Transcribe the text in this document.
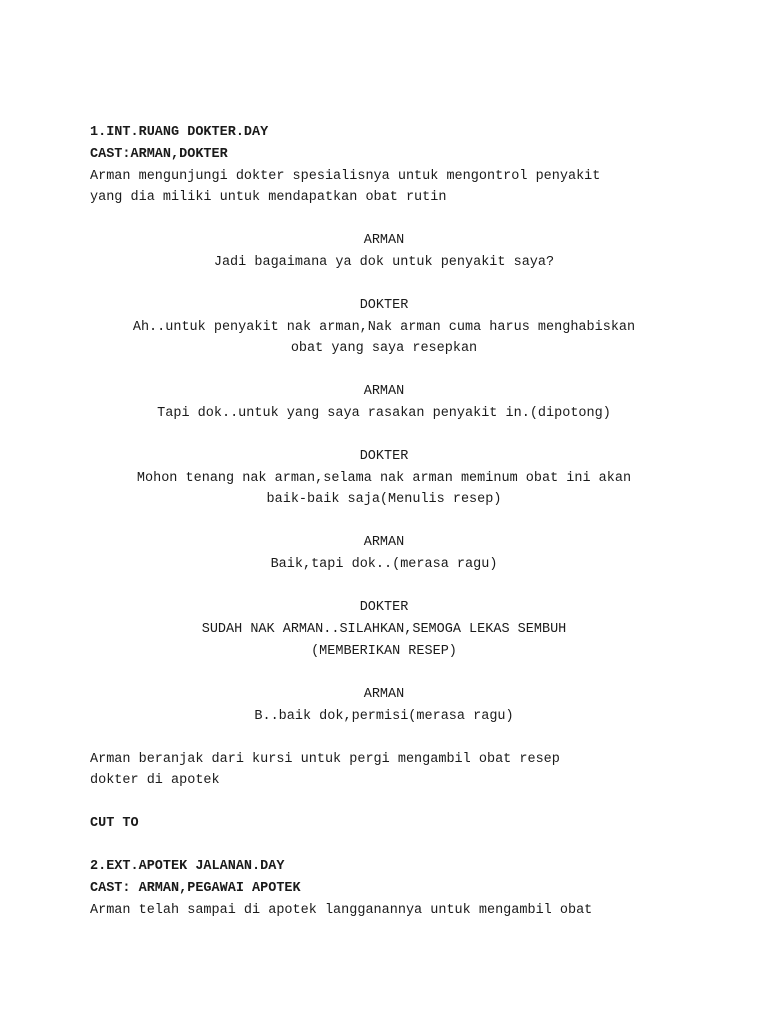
1.INT.RUANG DOKTER.DAY
CAST:ARMAN,DOKTER
Arman mengunjungi dokter spesialisnya untuk mengontrol penyakit
yang dia miliki untuk mendapatkan obat rutin
ARMAN
Jadi bagaimana ya dok untuk penyakit saya?
DOKTER
Ah..untuk penyakit nak arman,Nak arman cuma harus menghabiskan
obat yang saya resepkan
ARMAN
Tapi dok..untuk yang saya rasakan penyakit in.(dipotong)
DOKTER
Mohon tenang nak arman,selama nak arman meminum obat ini akan
baik-baik saja(Menulis resep)
ARMAN
Baik,tapi dok..(merasa ragu)
DOKTER
SUDAH NAK ARMAN..SILAHKAN,SEMOGA LEKAS SEMBUH
(MEMBERIKAN RESEP)
ARMAN
B..baik dok,permisi(merasa ragu)
Arman beranjak dari kursi untuk pergi mengambil obat resep
dokter di apotek
CUT TO
2.EXT.APOTEK JALANAN.DAY
CAST: ARMAN,PEGAWAI APOTEK
Arman telah sampai di apotek langganannya untuk mengambil obat
